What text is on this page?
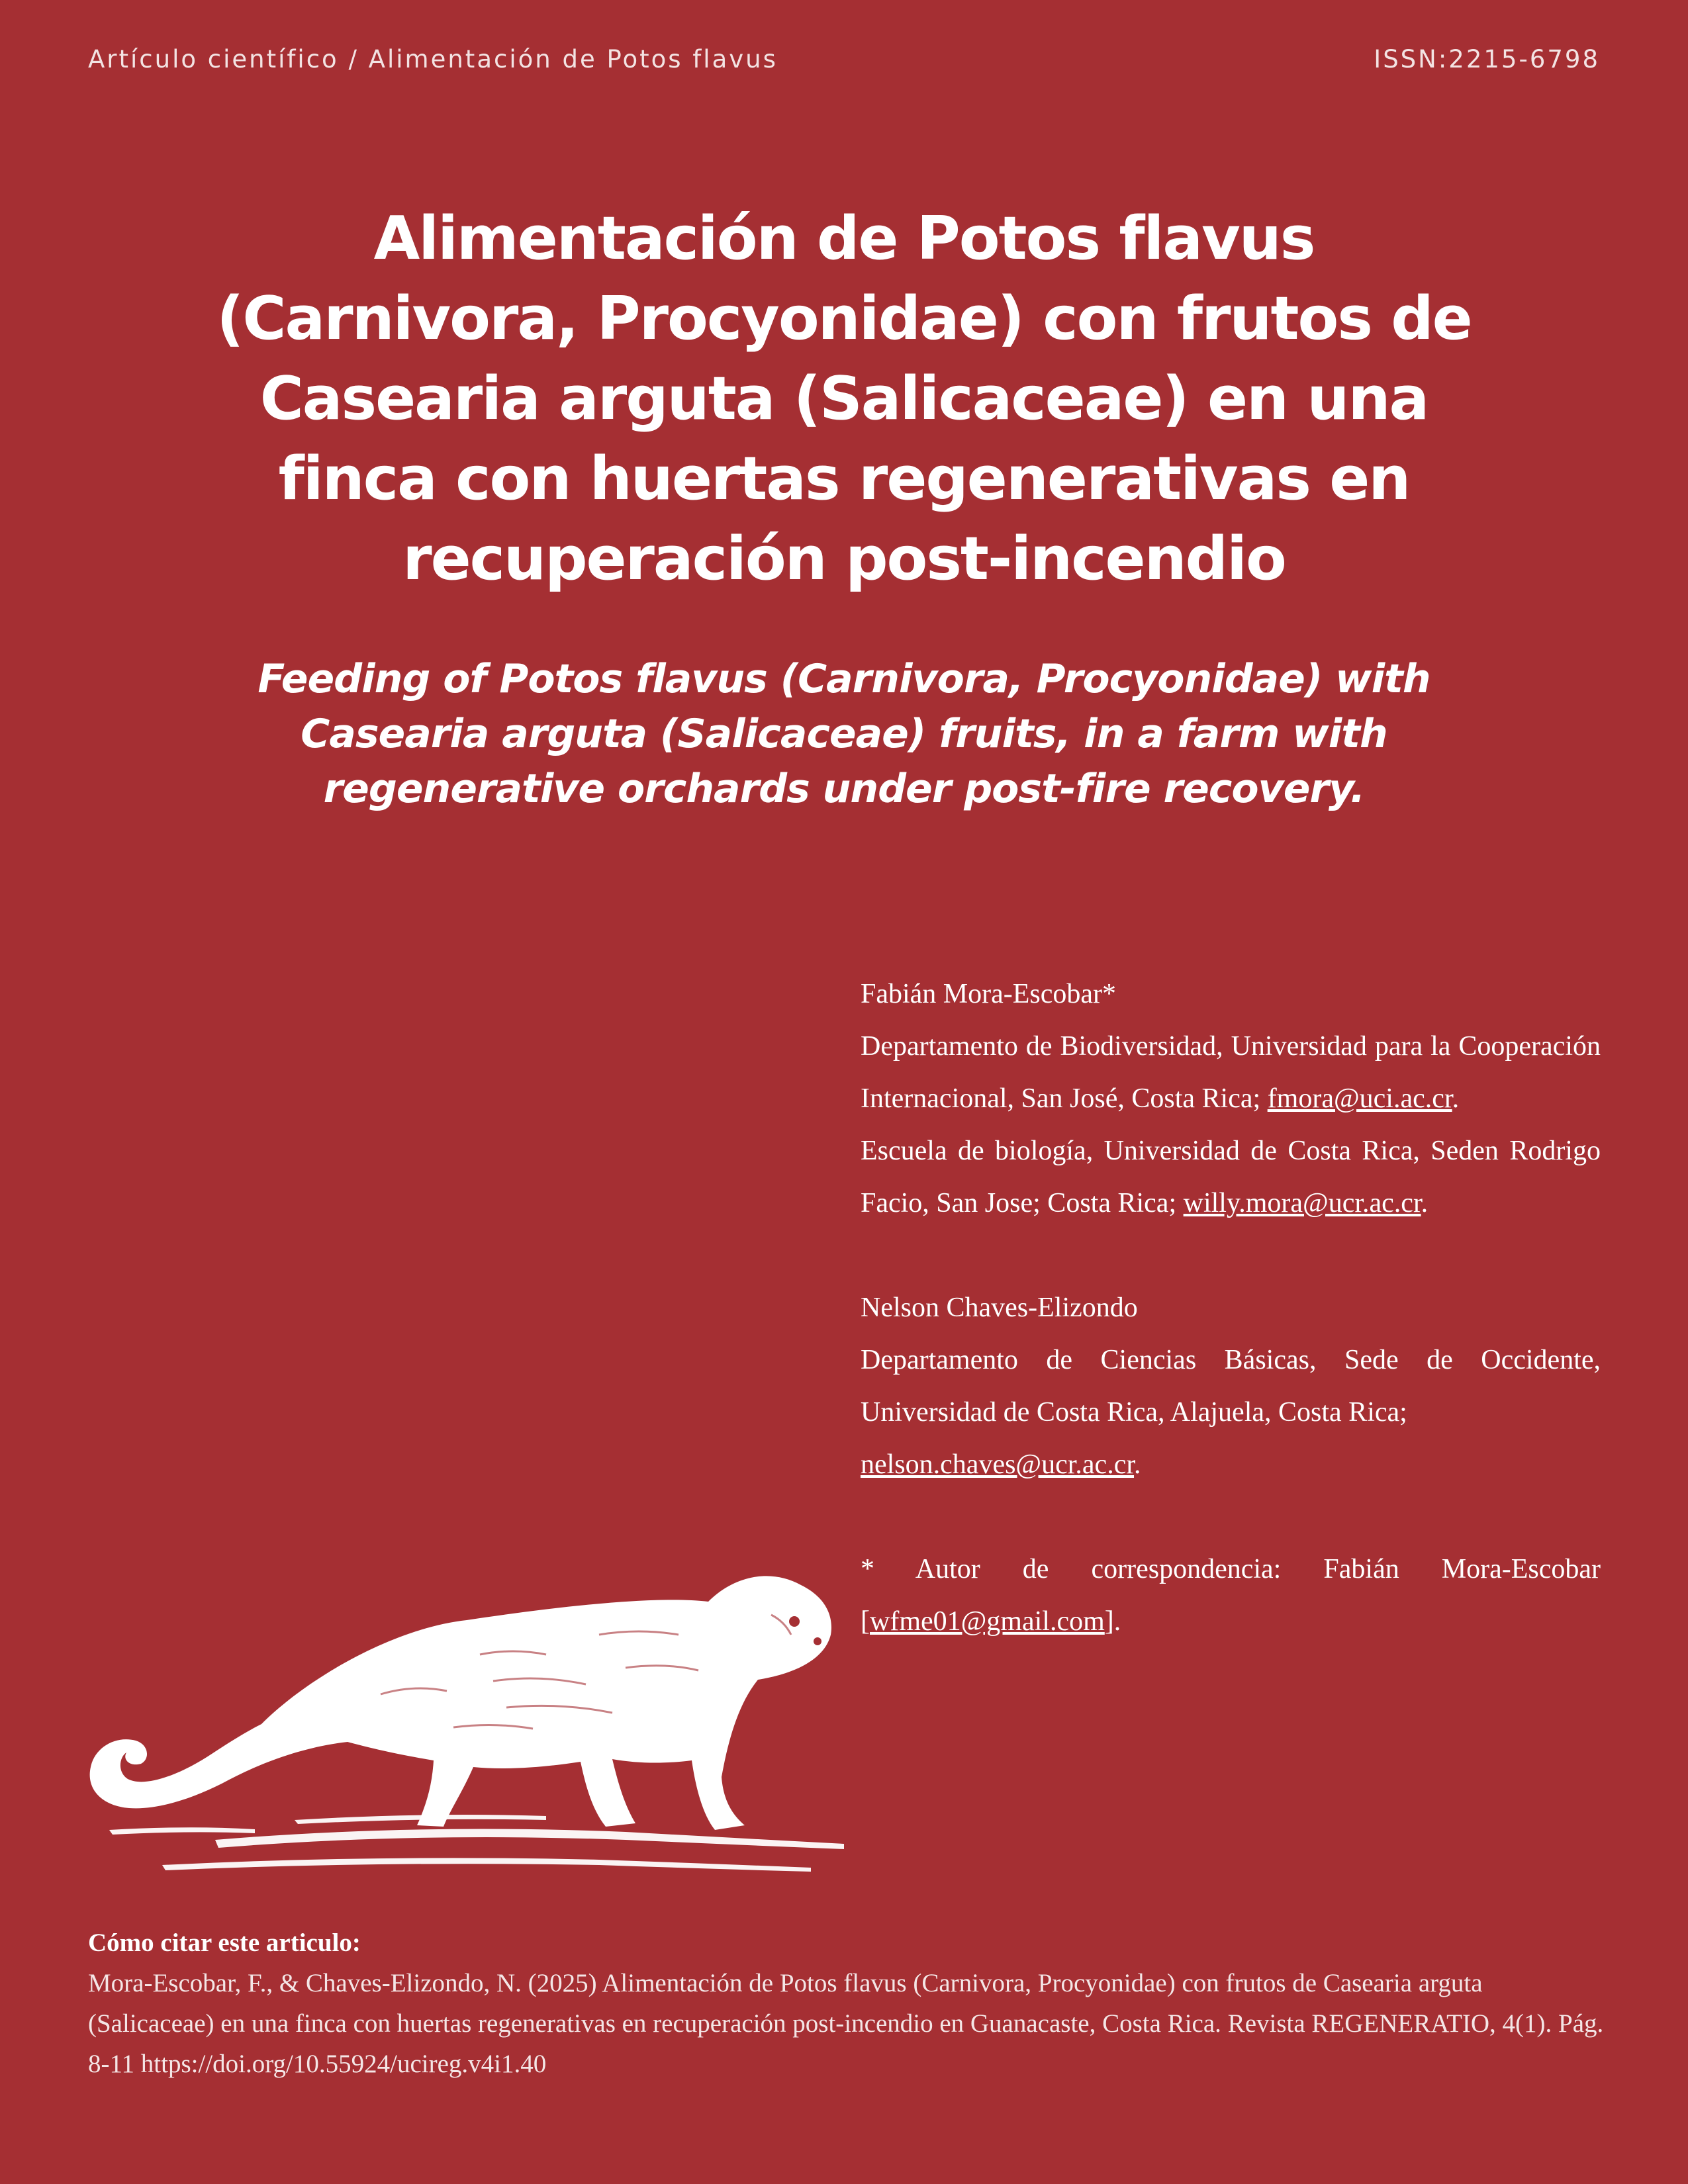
Artículo científico / Alimentación de Potos flavus	ISSN:2215-6798
Alimentación de Potos flavus
(Carnivora, Procyonidae) con frutos de
Casearia arguta (Salicaceae) en una
finca con huertas regenerativas en
recuperación post-incendio
Feeding of Potos flavus (Carnivora, Procyonidae) with
Casearia arguta (Salicaceae) fruits, in a farm with
regenerative orchards under post-fire recovery.

Fabián Mora-Escobar*

Departamento de Biodiversidad, Universidad para la Cooperación Internacional, San José, Costa Rica; fmora@uci.ac.cr.

Escuela de biología, Universidad de Costa Rica, Seden Rodrigo Facio, San Jose; Costa Rica; willy.mora@ucr.ac.cr.

Nelson Chaves-Elizondo

Departamento de Ciencias Básicas, Sede de Occidente, Universidad de Costa Rica, Alajuela, Costa Rica;
nelson.chaves@ucr.ac.cr.

* Autor de correspondencia: Fabián Mora-Escobar [wfme01@gmail.com].

Cómo citar este articulo:
Mora-Escobar, F., & Chaves-Elizondo, N. (2025) Alimentación de Potos flavus (Carnivora, Procyonidae) con frutos de Casearia arguta (Salicaceae) en una finca con huertas regenerativas en recuperación post-incendio en Guanacaste, Costa Rica. Revista REGENERATIO, 4(1). Pág. 8-11 https://doi.org/10.55924/ucireg.v4i1.40
